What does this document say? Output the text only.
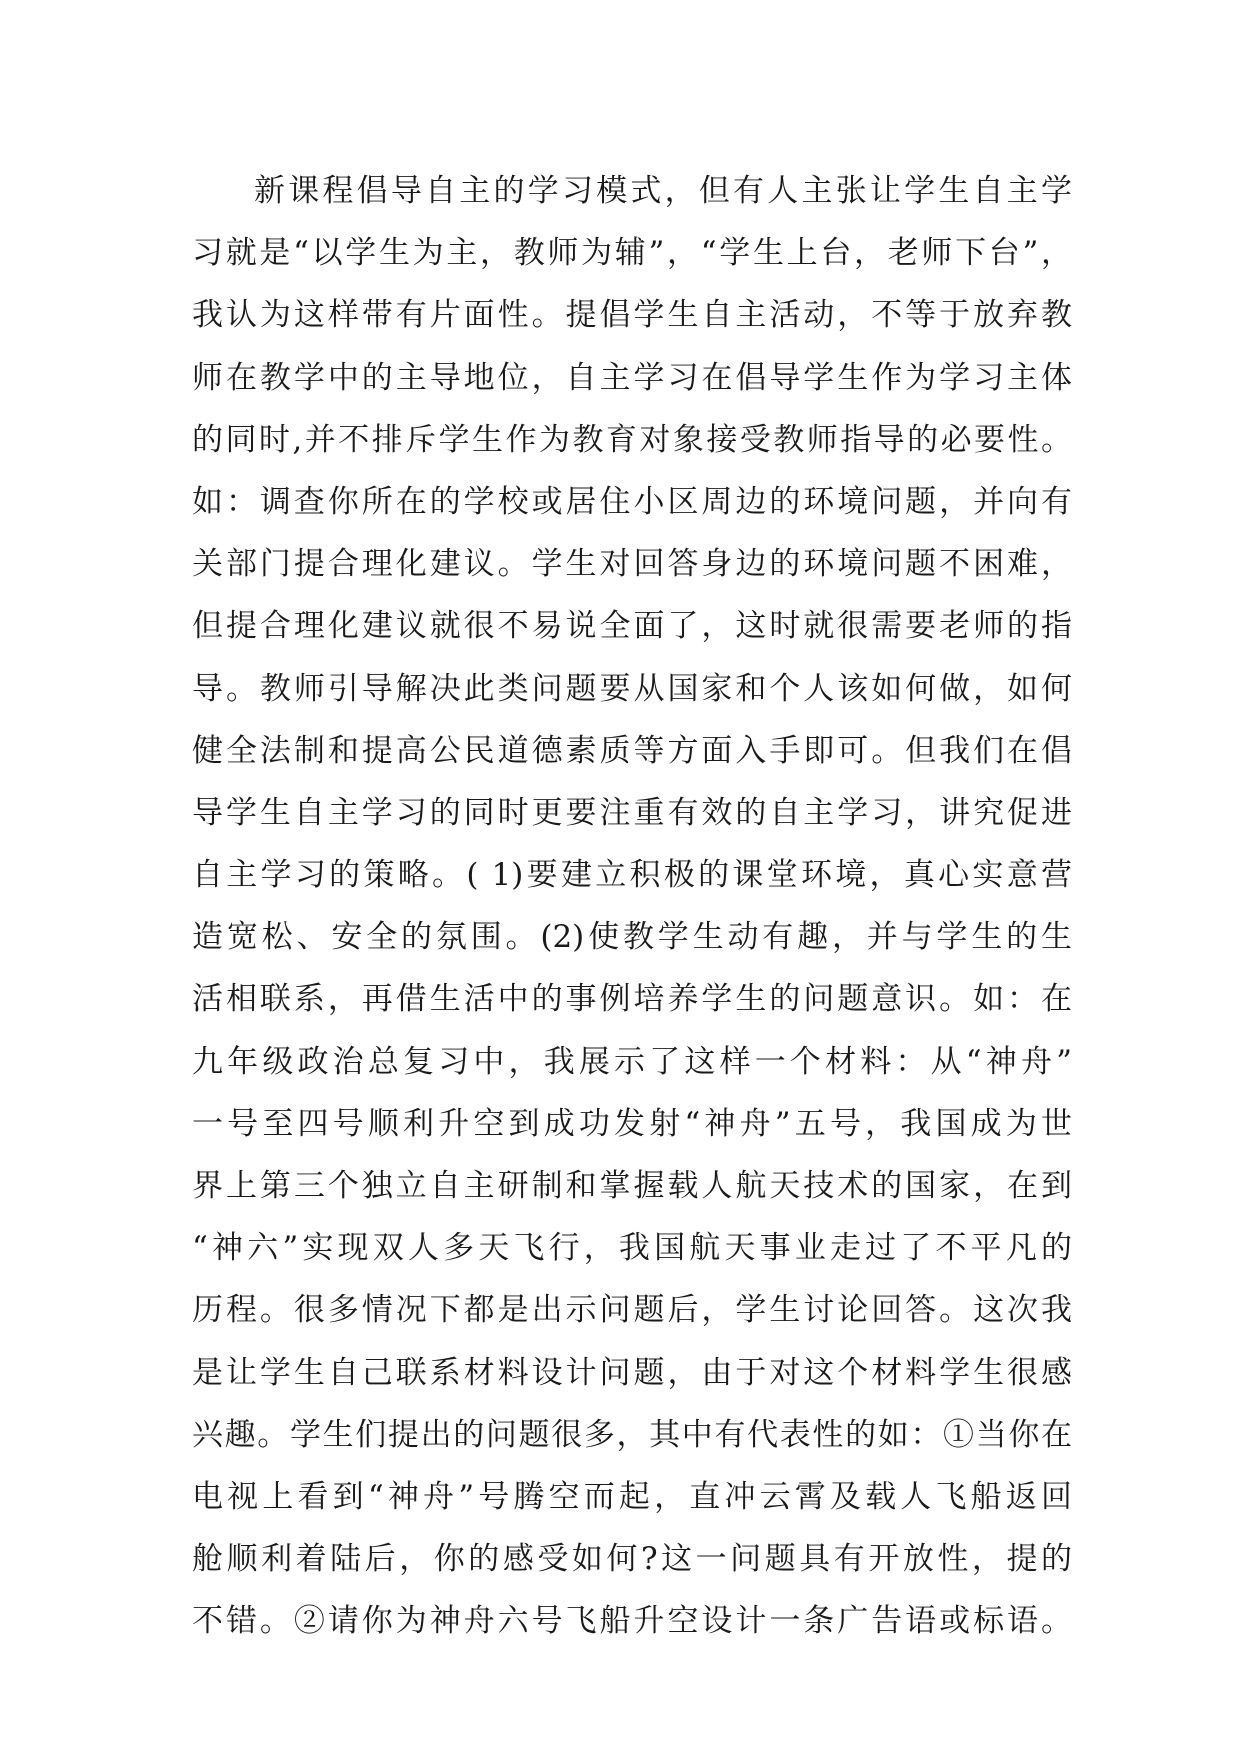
新课程倡导自主的学习模式，但有人主张让学生自主学
习就是“以学生为主，教师为辅”，“学生上台，老师下台”，
我认为这样带有片面性。提倡学生自主活动，不等于放弃教
师在教学中的主导地位，自主学习在倡导学生作为学习主体
的同时,并不排斥学生作为教育对象接受教师指导的必要性。
如：调查你所在的学校或居住小区周边的环境问题，并向有
关部门提合理化建议。学生对回答身边的环境问题不困难，
但提合理化建议就很不易说全面了，这时就很需要老师的指
导。教师引导解决此类问题要从国家和个人该如何做，如何
健全法制和提高公民道德素质等方面入手即可。但我们在倡
导学生自主学习的同时更要注重有效的自主学习，讲究促进
自主学习的策略。( 1)要建立积极的课堂环境，真心实意营
造宽松、安全的氛围。(2)使教学生动有趣，并与学生的生
活相联系，再借生活中的事例培养学生的问题意识。如：在
九年级政治总复习中，我展示了这样一个材料：从“神舟”
一号至四号顺利升空到成功发射“神舟”五号，我国成为世
界上第三个独立自主研制和掌握载人航天技术的国家，在到
“神六”实现双人多天飞行，我国航天事业走过了不平凡的
历程。很多情况下都是出示问题后，学生讨论回答。这次我
是让学生自己联系材料设计问题，由于对这个材料学生很感
兴趣。学生们提出的问题很多，其中有代表性的如：①当你在
电视上看到“神舟”号腾空而起，直冲云霄及载人飞船返回
舱顺利着陆后，你的感受如何?这一问题具有开放性，提的
不错。②请你为神舟六号飞船升空设计一条广告语或标语。
